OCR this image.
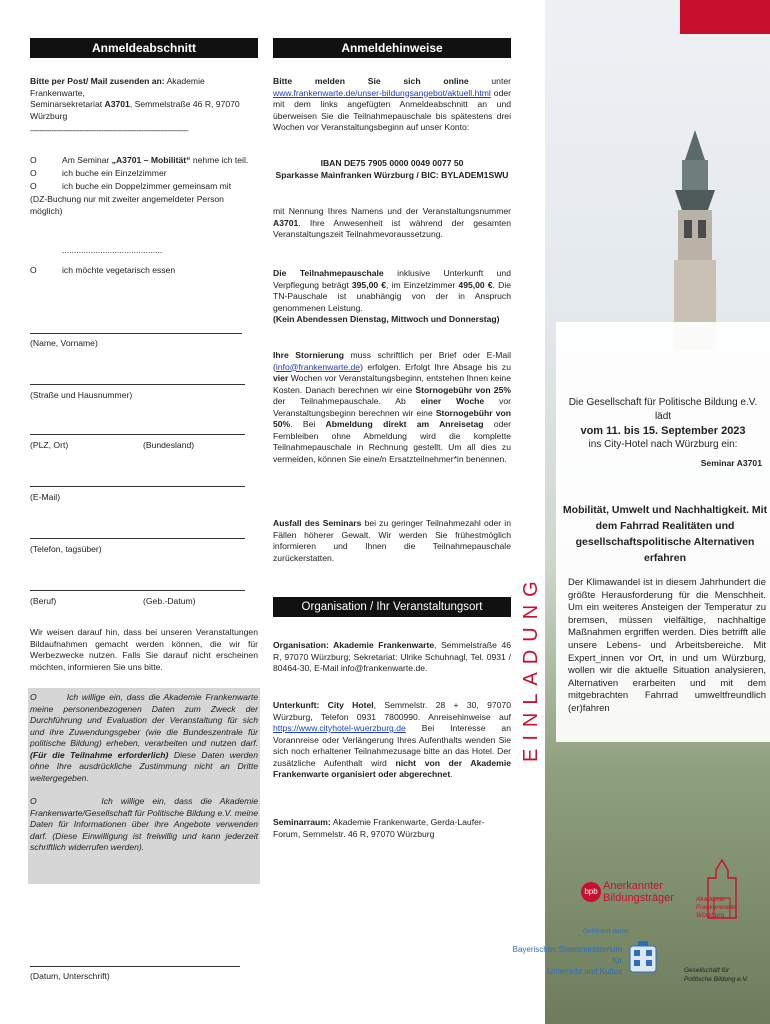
Anmeldeabschnitt
Bitte per Post/ Mail zusenden an: Akademie Frankenwarte,
Seminarsekretariat A3701, Semmelstraße 46 R, 97070 Würzburg
-------------------------------------------------------------------
O	Am Seminar „A3701 – Mobilität“ nehme ich teil.
O	ich buche ein Einzelzimmer
O	ich buche ein Doppelzimmer gemeinsam mit
(DZ-Buchung nur mit zweiter angemeldeter Person möglich)
..........................................
O	ich möchte vegetarisch essen
(Name, Vorname)
(Straße und Hausnummer)
(PLZ, Ort)	(Bundesland)
(E-Mail)
(Telefon, tagsüber)
(Beruf)	(Geb.-Datum)
Wir weisen darauf hin, dass bei unseren Veranstaltungen Bildaufnahmen gemacht werden können, die wir für Werbezwecke nutzen. Falls Sie darauf nicht erscheinen möchten, informieren Sie uns bitte.
O	Ich willige ein, dass die Akademie Frankenwarte meine personenbezogenen Daten zum Zweck der Durchführung und Evaluation der Veranstaltung für sich und ihre Zuwendungsgeber (wie die Bundeszentrale für politische Bildung) erheben, verarbeiten und nutzen darf. (Für die Teilnahme erforderlich) Diese Daten werden ohne Ihre ausdrückliche Zustimmung nicht an Dritte weitergegeben.
O	Ich willige ein, dass die Akademie Frankenwarte/Gesellschaft für Politische Bildung e.V. meine Daten für Informationen über ihre Angebote verwenden darf. (Diese Einwilligung ist freiwillig und kann jederzeit schriftlich widerrufen werden).
(Datum, Unterschrift)
Anmeldehinweise
Bitte melden Sie sich online unter www.frankenwarte.de/unser-bildungsangebot/aktuell.html oder mit dem links angefügten Anmeldeabschnitt an und überweisen Sie die Teilnahmepauschale bis spätestens drei Wochen vor Veranstaltungsbeginn auf unser Konto:
IBAN DE75 7905 0000 0049 0077 50
Sparkasse Mainfranken Würzburg / BIC: BYLADEM1SWU
mit Nennung Ihres Namens und der Veranstaltungsnummer A3701. Ihre Anwesenheit ist während der gesamten Veranstaltungszeit Teilnahmevoraussetzung.
Die Teilnahmepauschale inklusive Unterkunft und Verpflegung beträgt 395,00 €, im Einzelzimmer 495,00 €. Die TN-Pauschale ist unabhängig von der in Anspruch genommenen Leistung.
(Kein Abendessen Dienstag, Mittwoch und Donnerstag)
Ihre Stornierung muss schriftlich per Brief oder E-Mail (info@frankenwarte.de) erfolgen. Erfolgt Ihre Absage bis zu vier Wochen vor Veranstaltungsbeginn, entstehen Ihnen keine Kosten. Danach berechnen wir eine Stornogebühr von 25% der Teilnahmepauschale. Ab einer Woche vor Veranstaltungsbeginn berechnen wir eine Stornogebühr von 50%. Bei Abmeldung direkt am Anreisetag oder Fernbleiben ohne Abmeldung wird die komplette Teilnahmepauschale in Rechnung gestellt. Um all dies zu vermeiden, können Sie eine/n Ersatzteilnehmer*in benennen.
Ausfall des Seminars bei zu geringer Teilnahmezahl oder in Fällen höherer Gewalt. Wir werden Sie frühestmöglich informieren und Ihnen die Teilnahmepauschale zurückerstatten.
Organisation / Ihr Veranstaltungsort
Organisation: Akademie Frankenwarte, Semmelstraße 46 R, 97070 Würzburg; Sekretariat: Ulrike Schuhnagl, Tel. 0931 / 80464-30, E-Mail info@frankenwarte.de.
Unterkunft: City Hotel, Semmelstr. 28 + 30, 97070 Würzburg, Telefon 0931 7800990. Anreisehinweise auf https://www.cityhotel-wuerzburg.de Bei Interesse an Vorannreise oder Verlängerung Ihres Aufenthalts wenden Sie sich noch erhaltener Teilnahmezusage bitte an das Hotel. Der zusätzliche Aufenthalt wird nicht von der Akademie Frankenwarte organisiert oder abgerechnet.
Seminarraum: Akademie Frankenwarte, Gerda-Laufer-Forum, Semmelstr. 46 R, 97070 Würzburg
EINLADUNG
Die Gesellschaft für Politische Bildung e.V. lädt
vom 11. bis 15. September 2023
ins City-Hotel nach Würzburg ein:
Seminar A3701
Mobilität, Umwelt und Nachhaltigkeit. Mit dem Fahrrad Realitäten und gesellschaftspolitische Alternativen erfahren
Der Klimawandel ist in diesem Jahrhundert die größte Herausforderung für die Menschheit. Um ein weiteres Ansteigen der Temperatur zu bremsen, müssen vielfältige, nachhaltige Maßnahmen ergriffen werden. Dies betrifft alle unsere Lebens- und Arbeitsbereiche. Mit Expert_innen vor Ort, in und um Würzburg, wollen wir die aktuelle Situation analysieren, Alternativen erarbeiten und mit dem mitgebrachten Fahrrad umweltfreundlich (er)fahren
bpb Anerkannter
Bildungsträger
Gefördert durch:
Bayerisches Staatsministerium für
Unterricht und Kultus
Akademie
Frankenwarte
Würzburg
Gesellschaft für
Politische Bildung e.V.
